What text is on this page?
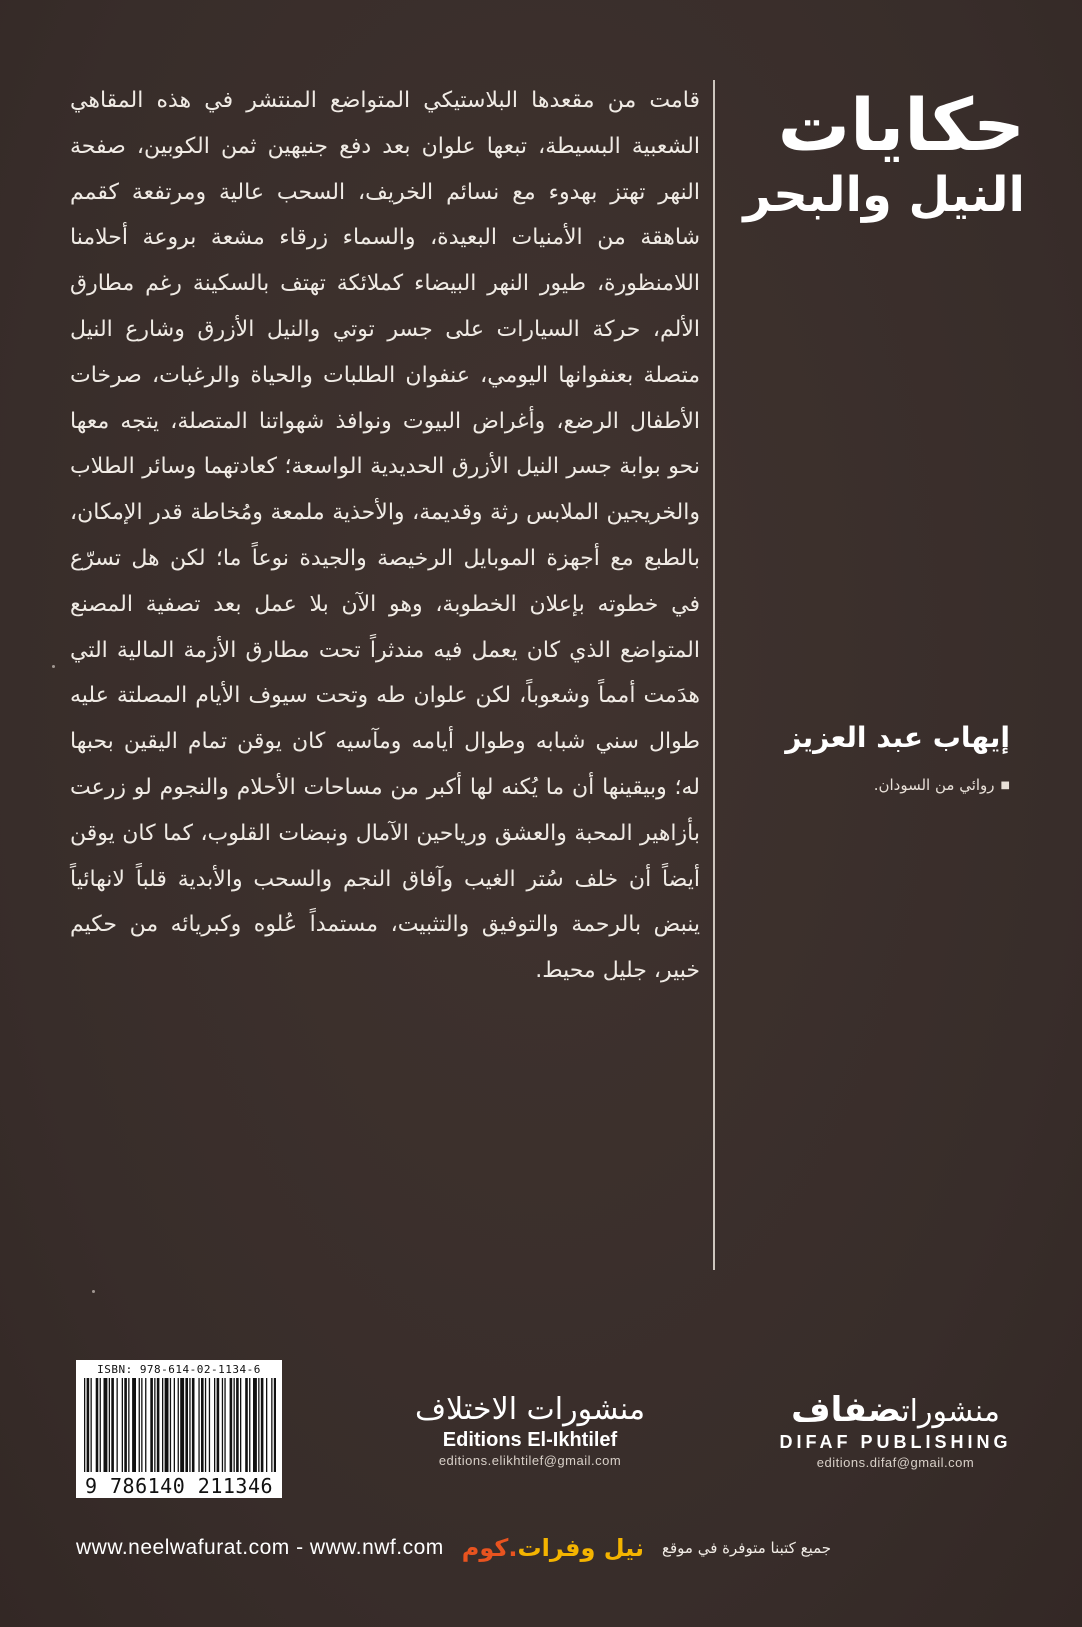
حكايات
النيل والبحر

قامت من مقعدها البلاستيكي المتواضع المنتشر في هذه المقاهي الشعبية البسيطة، تبعها علوان بعد دفع جنيهين ثمن الكوبين، صفحة النهر تهتز بهدوء مع نسائم الخريف، السحب عالية ومرتفعة كقمم شاهقة من الأمنيات البعيدة، والسماء زرقاء مشعة بروعة أحلامنا اللامنظورة، طيور النهر البيضاء كملائكة تهتف بالسكينة رغم مطارق الألم، حركة السيارات على جسر توتي والنيل الأزرق وشارع النيل متصلة بعنفوانها اليومي، عنفوان الطلبات والحياة والرغبات، صرخات الأطفال الرضع، وأغراض البيوت ونوافذ شهواتنا المتصلة، يتجه معها نحو بوابة جسر النيل الأزرق الحديدية الواسعة؛ كعادتهما وسائر الطلاب والخريجين الملابس رثة وقديمة، والأحذية ملمعة ومُخاطة قدر الإمكان، بالطبع مع أجهزة الموبايل الرخيصة والجيدة نوعاً ما؛ لكن هل تسرّع في خطوته بإعلان الخطوبة، وهو الآن بلا عمل بعد تصفية المصنع المتواضع الذي كان يعمل فيه مندثراً تحت مطارق الأزمة المالية التي هدَمت أمماً وشعوباً، لكن علوان طه وتحت سيوف الأيام المصلتة عليه طوال سني شبابه وطوال أيامه ومآسيه كان يوقن تمام اليقين بحبها له؛ وبيقينها أن ما يُكنه لها أكبر من مساحات الأحلام والنجوم لو زرعت بأزاهير المحبة والعشق ورياحين الآمال ونبضات القلوب، كما كان يوقن أيضاً أن خلف سُتر الغيب وآفاق النجم والسحب والأبدية قلباً لانهائياً ينبض بالرحمة والتوفيق والتثبيت، مستمداً عُلوه وكبريائه من حكيم خبير، جليل محيط.

إيهاب عبد العزيز
■روائي من السودان.
ISBN: 978-614-02-1134-6
9 786140 211346
منشورات الاختلاف
Editions El-Ikhtilef
editions.elikhtilef@gmail.com
منشوراتضفاف
DIFAF PUBLISHING
editions.difaf@gmail.com
www.neelwafurat.com - www.nwf.com	نيل وفرات.كوم	جميع كتبنا متوفرة في موقع
